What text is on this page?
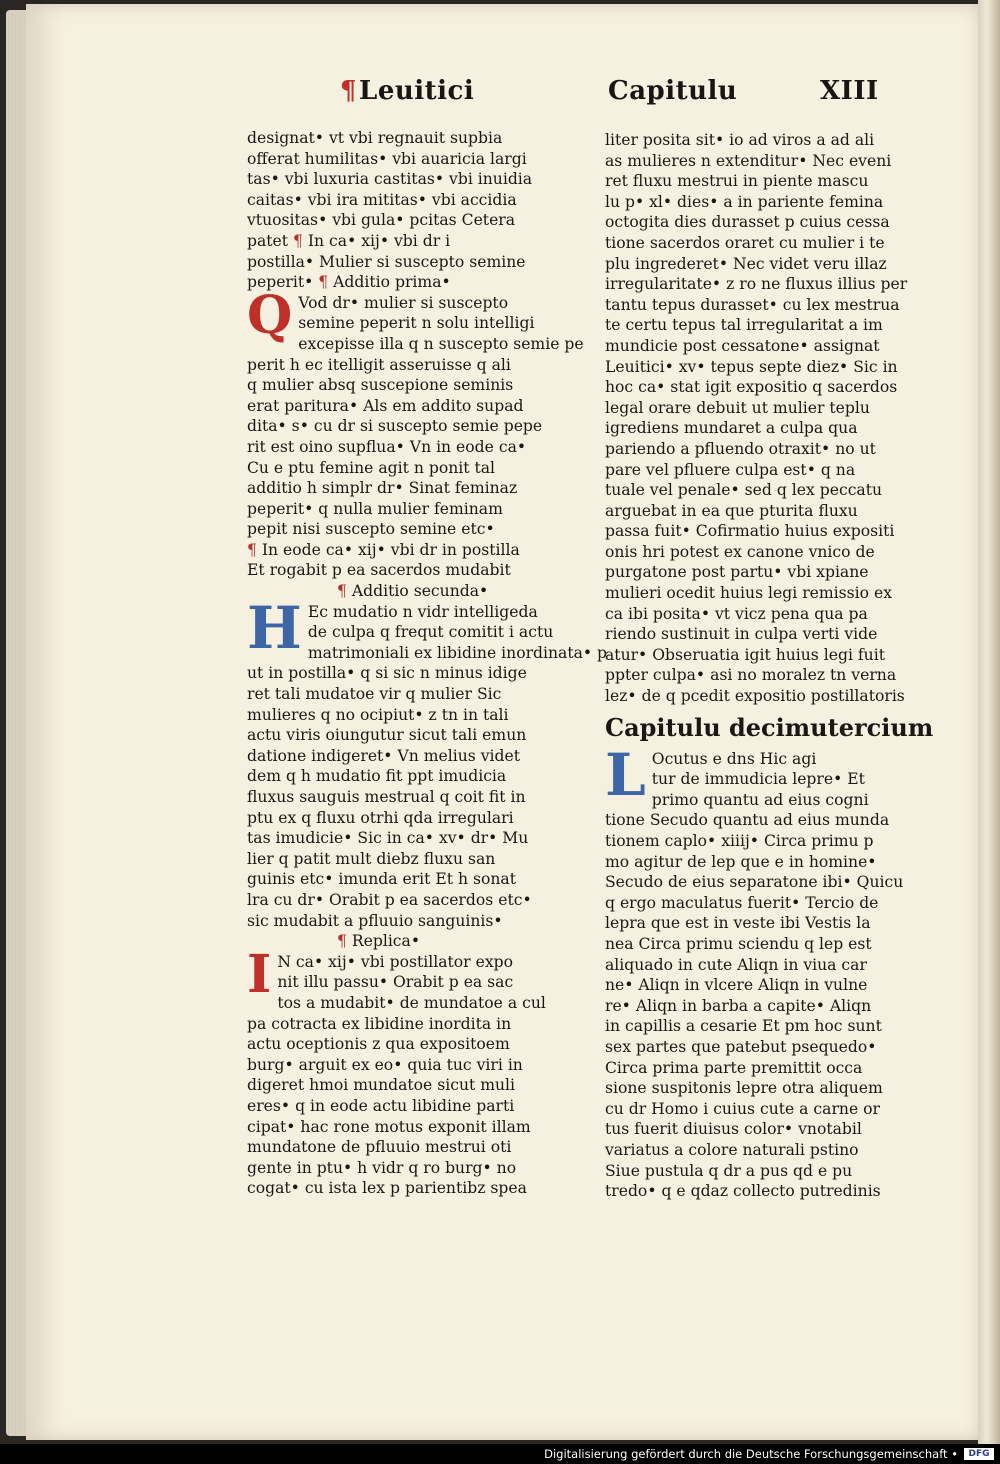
¶Leuitici	Capitulu	XIII
designat• vt vbi regnauit supbia
offerat humilitas• vbi auaricia largi
tas• vbi luxuria castitas• vbi inuidia
caitas• vbi ira mititas• vbi accidia
vtuositas• vbi gula• pcitas Cetera
patet ¶ In ca• xij• vbi dr i
postilla• Mulier si suscepto semine
peperit• ¶ Additio prima•
Q Vod dr• mulier si suscepto
semine peperit n solu intelligi
excepisse illa q n suscepto semie pe
perit h ec itelligit asseruisse q ali
q mulier absq suscepione seminis
erat paritura• Als em addito supad
dita• s• cu dr si suscepto semie pepe
rit est oino supflua• Vn in eode ca•
Cu e ptu femine agit n ponit tal
additio h simplr dr• Sinat feminaz
peperit• q nulla mulier feminam
pepit nisi suscepto semine etc•
¶ In eode ca• xij• vbi dr in postilla
Et rogabit p ea sacerdos mudabit
¶ Additio secunda•
H Ec mudatio n vidr intelligeda
de culpa q frequt comitit i actu
matrimoniali ex libidine inordinata• p
ut in postilla• q si sic n minus idige
ret tali mudatoe vir q mulier Sic
mulieres q no ocipiut• z tn in tali
actu viris oiungutur sicut tali emun
datione indigeret• Vn melius videt
dem q h mudatio fit ppt imudicia
fluxus sauguis mestrual q coit fit in
ptu ex q fluxu otrhi qda irregulari
tas imudicie• Sic in ca• xv• dr• Mu
lier q patit mult diebz fluxu san
guinis etc• imunda erit Et h sonat
lra cu dr• Orabit p ea sacerdos etc•
sic mudabit a pfluuio sanguinis•
¶ Replica•
I N ca• xij• vbi postillator expo
nit illu passu• Orabit p ea sac
tos a mudabit• de mundatoe a cul
pa cotracta ex libidine inordita in
actu oceptionis z qua expositoem
burg• arguit ex eo• quia tuc viri in
digeret hmoi mundatoe sicut muli
eres• q in eode actu libidine parti
cipat• hac rone motus exponit illam
mundatone de pfluuio mestrui oti
gente in ptu• h vidr q ro burg• no
cogat• cu ista lex p parientibz spea
liter posita sit• io ad viros a ad ali
as mulieres n extenditur• Nec eveni
ret fluxu mestrui in piente mascu
lu p• xl• dies• a in pariente femina
octogita dies durasset p cuius cessa
tione sacerdos oraret cu mulier i te
plu ingrederet• Nec videt veru illaz
irregularitate• z ro ne fluxus illius per
tantu tepus durasset• cu lex mestrua
te certu tepus tal irregularitat a im
mundicie post cessatone• assignat
Leuitici• xv• tepus septe diez• Sic in
hoc ca• stat igit expositio q sacerdos
legal orare debuit ut mulier teplu
igrediens mundaret a culpa qua
pariendo a pfluendo otraxit• no ut
pare vel pfluere culpa est• q na
tuale vel penale• sed q lex peccatu
arguebat in ea que pturita fluxu
passa fuit• Cofirmatio huius expositi
onis hri potest ex canone vnico de
purgatone post partu• vbi xpiane
mulieri ocedit huius legi remissio ex
ca ibi posita• vt vicz pena qua pa
riendo sustinuit in culpa verti vide
atur• Obseruatia igit huius legi fuit
ppter culpa• asi no moralez tn verna
lez• de q pcedit expositio postillatoris
Capitulu decimutercium
L Ocutus e dns Hic agi
tur de immudicia lepre• Et
primo quantu ad eius cogni
tione Secudo quantu ad eius munda
tionem caplo• xiiij• Circa primu p
mo agitur de lep que e in homine•
Secudo de eius separatone ibi• Quicu
q ergo maculatus fuerit• Tercio de
lepra que est in veste ibi Vestis la
nea Circa primu sciendu q lep est
aliquado in cute Aliqn in viua car
ne• Aliqn in vlcere Aliqn in vulne
re• Aliqn in barba a capite• Aliqn
in capillis a cesarie Et pm hoc sunt
sex partes que patebut psequedo•
Circa prima parte premittit occa
sione suspitonis lepre otra aliquem
cu dr Homo i cuius cute a carne or
tus fuerit diuisus color• vnotabil
variatus a colore naturali pstino
Siue pustula q dr a pus qd e pu
tredo• q e qdaz collecto putredinis
Digitalisierung gefördert durch die Deutsche Forschungsgemeinschaft •	DFG
